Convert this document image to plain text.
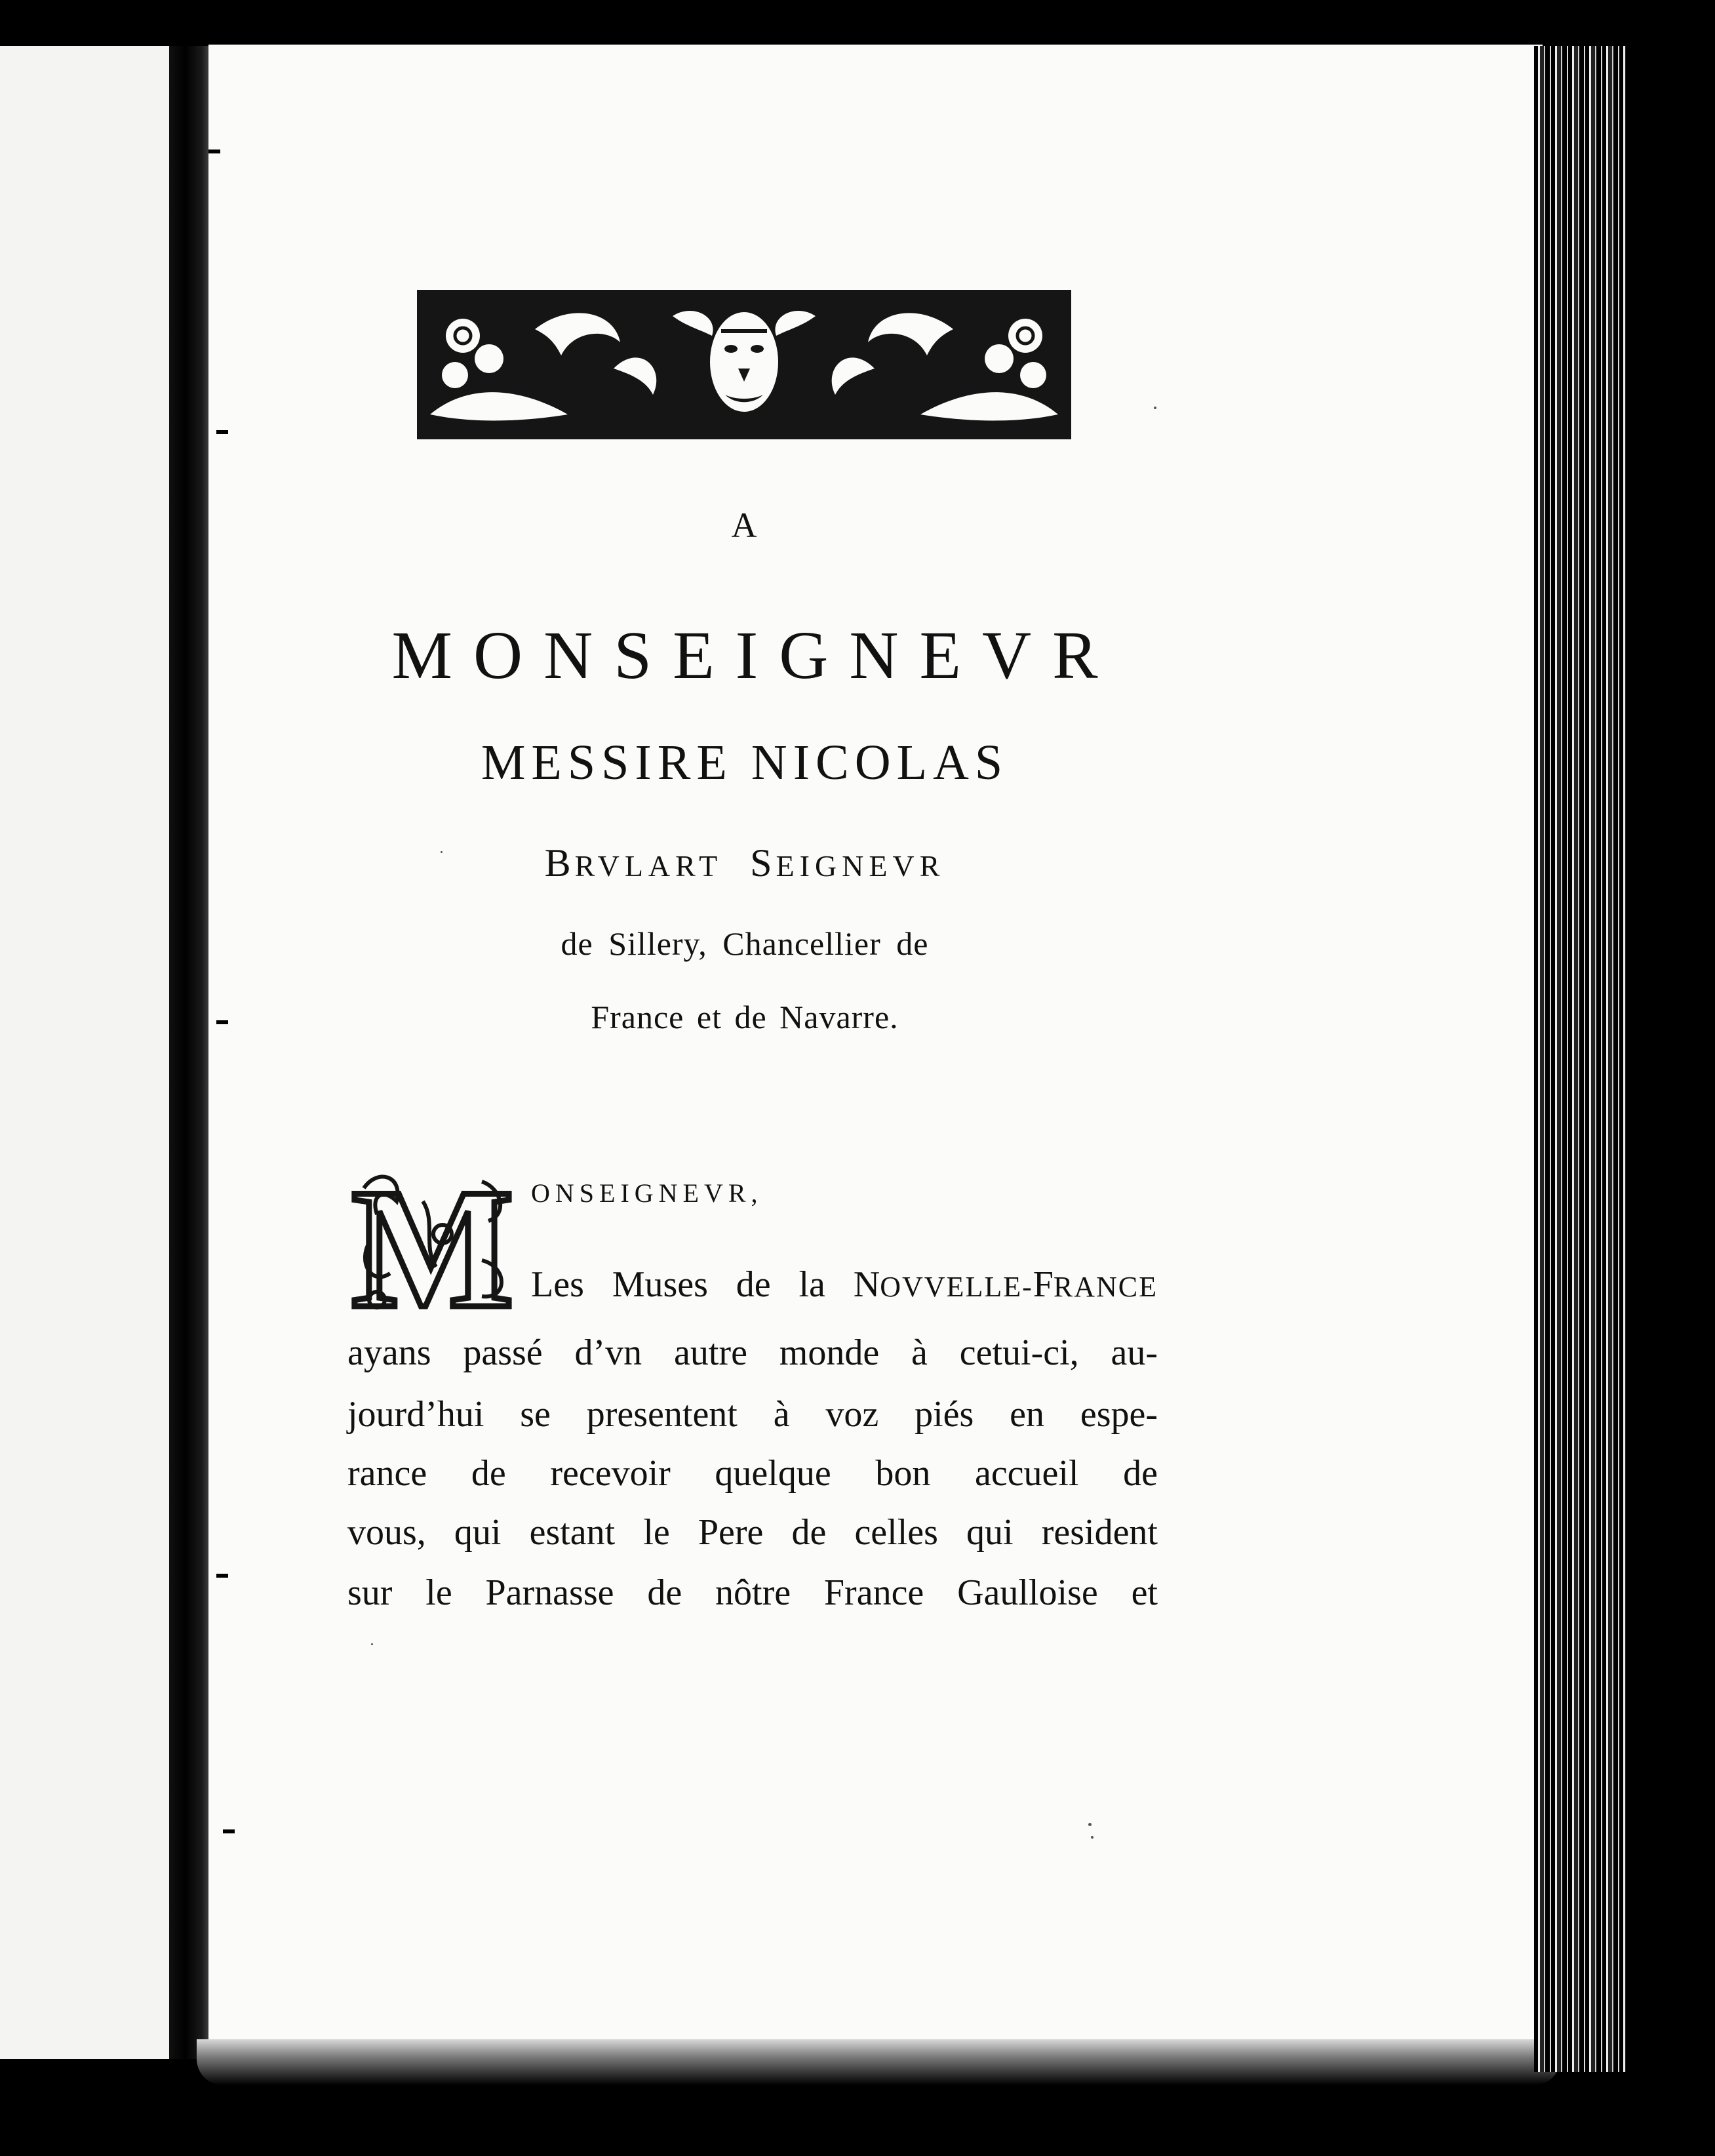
A
MONSEIGNEVR
MESSIRE NICOLAS
BRVLART SEIGNEVR
de Sillery, Chancellier de
France et de Navarre.
M ONSEIGNEVR,
Les Muses de la NOVVELLE-FRANCE
ayans passé d’vn autre monde à cetui-ci, au-
jourd’hui se presentent à voz piés en espe-
rance de recevoir quelque bon accueil de
vous, qui estant le Pere de celles qui resident
sur le Parnasse de nôtre France Gaulloise et
